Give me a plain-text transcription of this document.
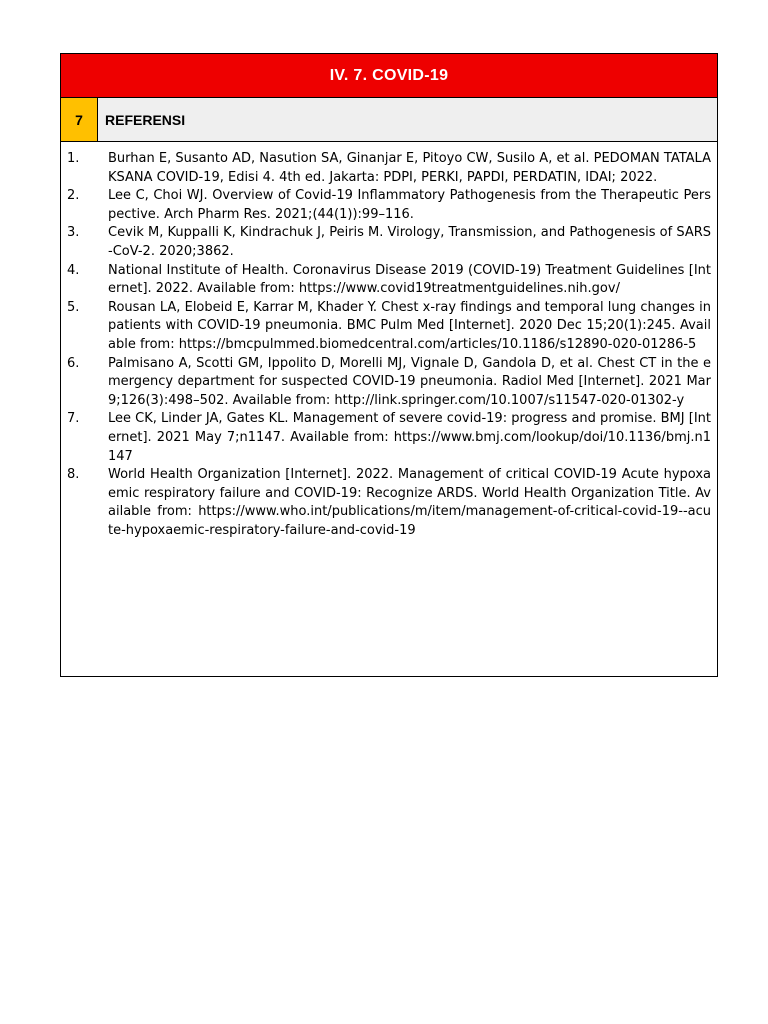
IV. 7. COVID-19
7	REFERENSI
1.	Burhan E, Susanto AD, Nasution SA, Ginanjar E, Pitoyo CW, Susilo A, et al. PEDOMAN TATALAKSANA COVID-19, Edisi 4. 4th ed. Jakarta: PDPI, PERKI, PAPDI, PERDATIN, IDAI; 2022.
2.	Lee C, Choi WJ. Overview of Covid-19 Inflammatory Pathogenesis from the Therapeutic Perspective. Arch Pharm Res. 2021;(44(1)):99–116.
3.	Cevik M, Kuppalli K, Kindrachuk J, Peiris M. Virology, Transmission, and Pathogenesis of SARS-CoV-2. 2020;3862.
4.	National Institute of Health. Coronavirus Disease 2019 (COVID-19) Treatment Guidelines [Internet]. 2022. Available from: https://www.covid19treatmentguidelines.nih.gov/
5.	Rousan LA, Elobeid E, Karrar M, Khader Y. Chest x-ray findings and temporal lung changes in patients with COVID-19 pneumonia. BMC Pulm Med [Internet]. 2020 Dec 15;20(1):245. Available from: https://bmcpulmmed.biomedcentral.com/articles/10.1186/s12890-020-01286-5
6.	Palmisano A, Scotti GM, Ippolito D, Morelli MJ, Vignale D, Gandola D, et al. Chest CT in the emergency department for suspected COVID-19 pneumonia. Radiol Med [Internet]. 2021 Mar 9;126(3):498–502. Available from: http://link.springer.com/10.1007/s11547-020-01302-y
7.	Lee CK, Linder JA, Gates KL. Management of severe covid-19: progress and promise. BMJ [Internet]. 2021 May 7;n1147. Available from: https://www.bmj.com/lookup/doi/10.1136/bmj.n1147
8.	World Health Organization [Internet]. 2022. Management of critical COVID-19 Acute hypoxaemic respiratory failure and COVID-19: Recognize ARDS. World Health Organization Title. Available from: https://www.who.int/publications/m/item/management-of-critical-covid-19--acute-hypoxaemic-respiratory-failure-and-covid-19
